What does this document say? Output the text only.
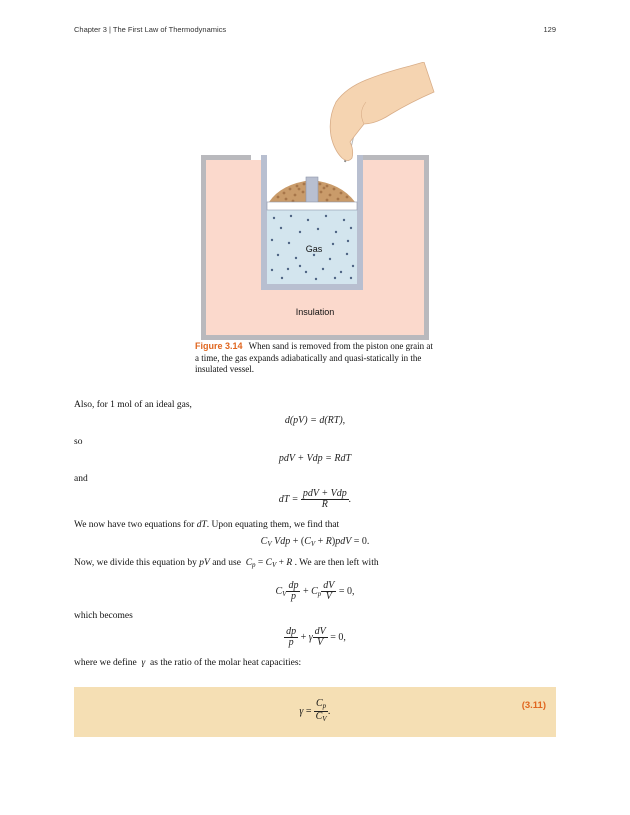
Chapter 3 | The First Law of Thermodynamics	129
Gas
Insulation
Figure 3.14 When sand is removed from the piston one grain at a time, the gas expands adiabatically and quasi-statically in the insulated vessel.
Also, for 1 mol of an ideal gas,
d(pV) = d(RT),
so
pdV + Vdp = RdT
and
dT = $\frac{\text{pdV + Vdp}}{R}$ .
We now have two equations for dT. Upon equating them, we find that
$C_V$ Vdp + $(C_V + R)pdV = 0$.
Now, we divide this equation by pV and use  $C_p = C_V + R$ . We are then left with
$C_V \frac{dp}{p} + C_p \frac{dV}{V} = 0$,
which becomes
$\frac{dp}{p} + \gamma \frac{dV}{V} = 0$,
where we define  γ  as the ratio of the molar heat capacities:
$\gamma = \frac{C_p}{C_V}$ .
(3.11)
